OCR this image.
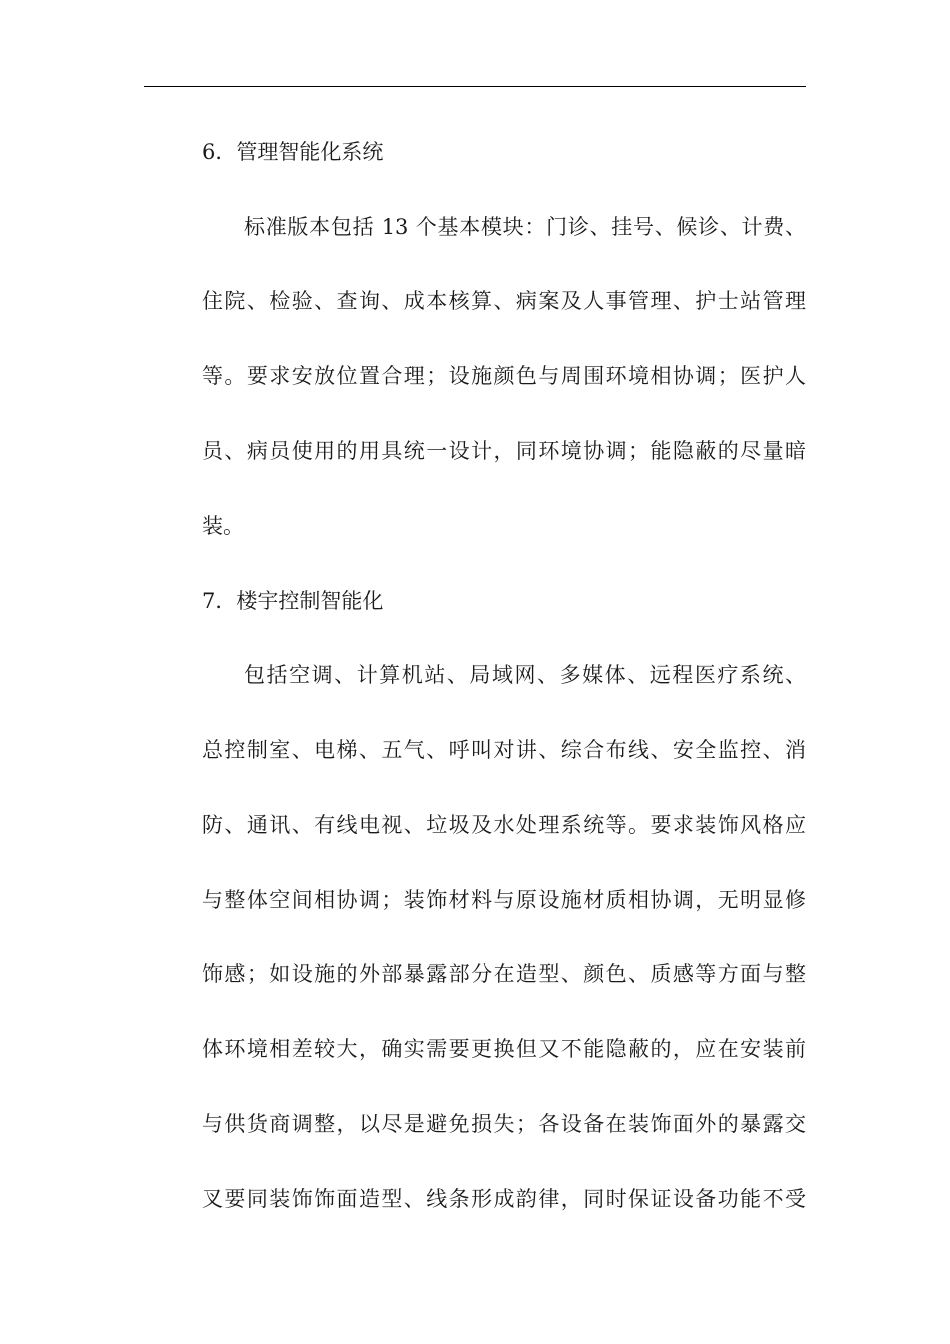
6．管理智能化系统
标准版本包括 13 个基本模块：门诊、挂号、候诊、计费、
住院、检验、查询、成本核算、病案及人事管理、护士站管理
等。要求安放位置合理；设施颜色与周围环境相协调；医护人
员、病员使用的用具统一设计，同环境协调；能隐蔽的尽量暗
装。
7．楼宇控制智能化
包括空调、计算机站、局域网、多媒体、远程医疗系统、
总控制室、电梯、五气、呼叫对讲、综合布线、安全监控、消
防、通讯、有线电视、垃圾及水处理系统等。要求装饰风格应
与整体空间相协调；装饰材料与原设施材质相协调，无明显修
饰感；如设施的外部暴露部分在造型、颜色、质感等方面与整
体环境相差较大，确实需要更换但又不能隐蔽的，应在安装前
与供货商调整，以尽是避免损失；各设备在装饰面外的暴露交
叉要同装饰饰面造型、线条形成韵律，同时保证设备功能不受
